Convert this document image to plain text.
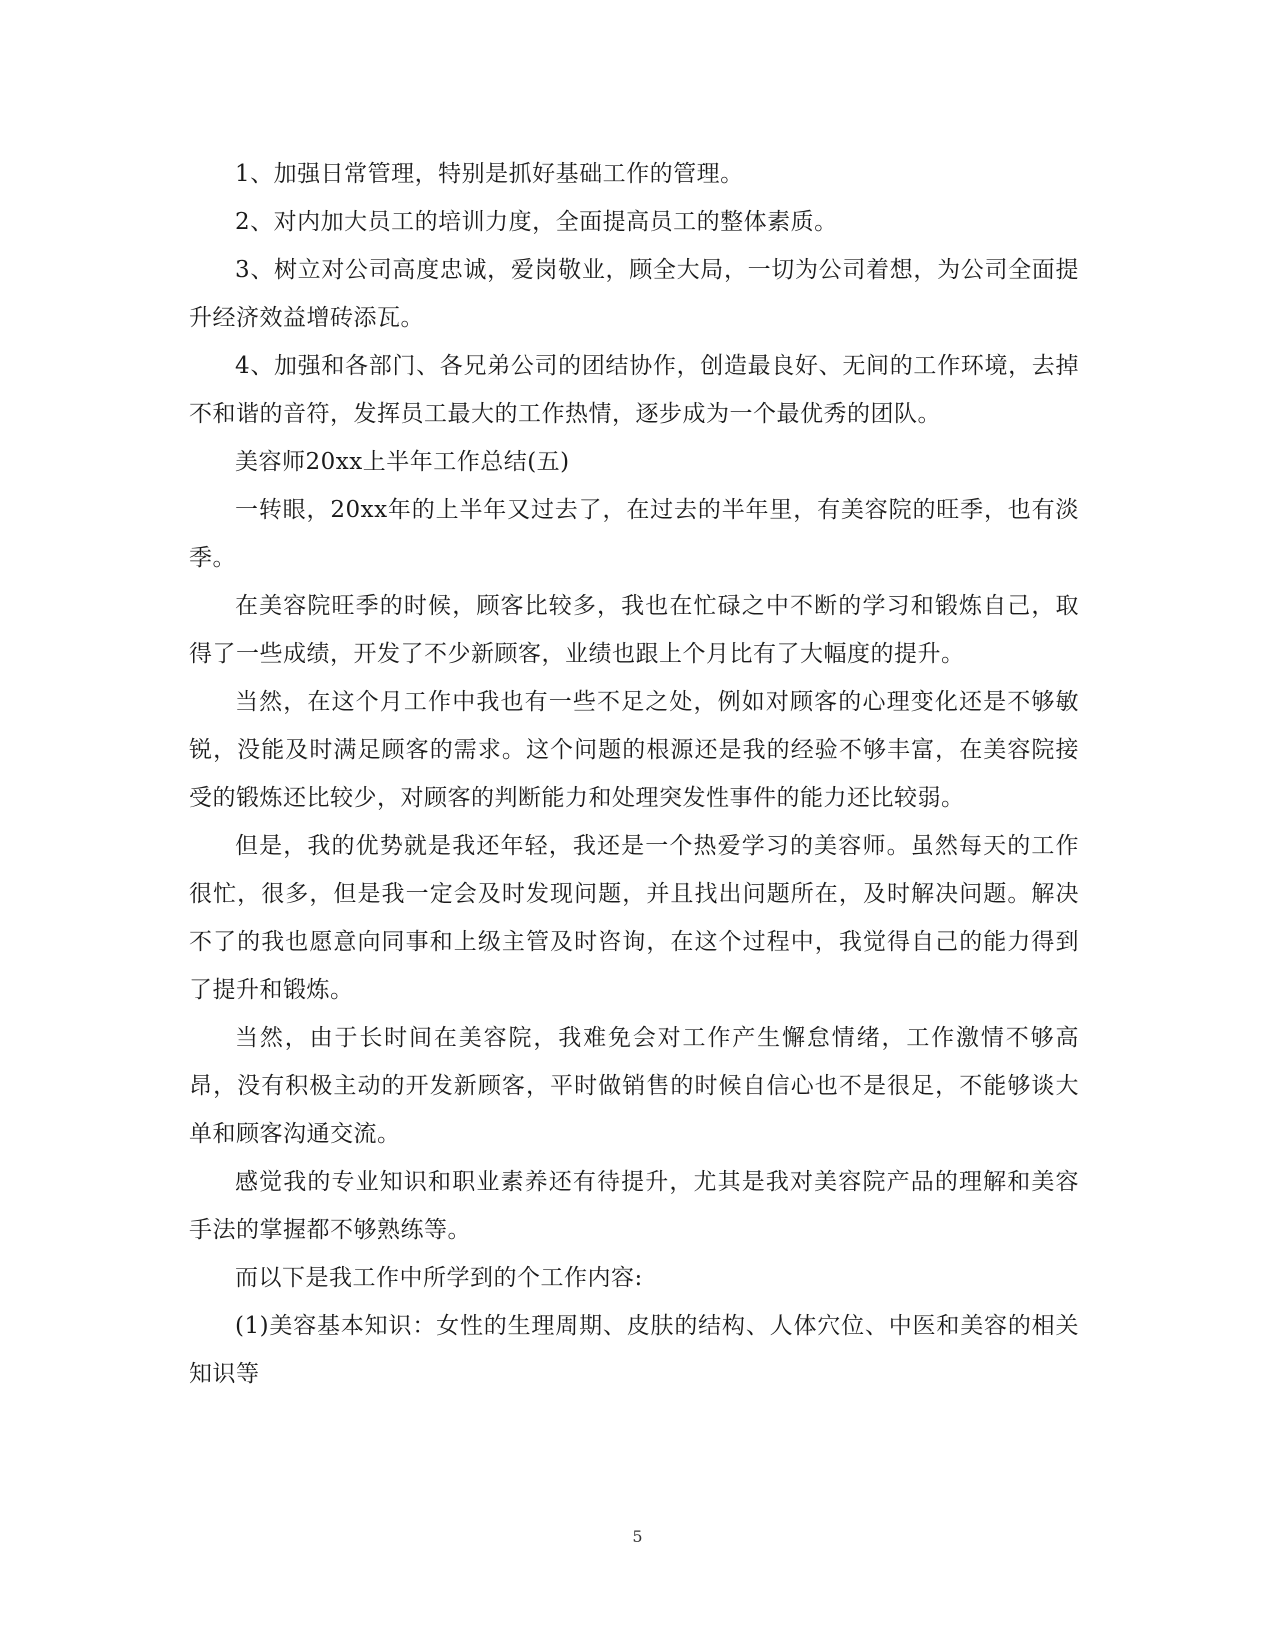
1、加强日常管理，特别是抓好基础工作的管理。

2、对内加大员工的培训力度，全面提高员工的整体素质。

3、树立对公司高度忠诚，爱岗敬业，顾全大局，一切为公司着想，为公司全面提升经济效益增砖添瓦。

4、加强和各部门、各兄弟公司的团结协作，创造最良好、无间的工作环境，去掉不和谐的音符，发挥员工最大的工作热情，逐步成为一个最优秀的团队。

美容师20xx上半年工作总结(五)

一转眼，20xx年的上半年又过去了，在过去的半年里，有美容院的旺季，也有淡季。

在美容院旺季的时候，顾客比较多，我也在忙碌之中不断的学习和锻炼自己，取得了一些成绩，开发了不少新顾客，业绩也跟上个月比有了大幅度的提升。

当然，在这个月工作中我也有一些不足之处，例如对顾客的心理变化还是不够敏锐，没能及时满足顾客的需求。这个问题的根源还是我的经验不够丰富，在美容院接受的锻炼还比较少，对顾客的判断能力和处理突发性事件的能力还比较弱。

但是，我的优势就是我还年轻，我还是一个热爱学习的美容师。虽然每天的工作很忙，很多，但是我一定会及时发现问题，并且找出问题所在，及时解决问题。解决不了的我也愿意向同事和上级主管及时咨询，在这个过程中，我觉得自己的能力得到了提升和锻炼。

当然，由于长时间在美容院，我难免会对工作产生懈怠情绪，工作激情不够高昂，没有积极主动的开发新顾客，平时做销售的时候自信心也不是很足，不能够谈大单和顾客沟通交流。

感觉我的专业知识和职业素养还有待提升，尤其是我对美容院产品的理解和美容手法的掌握都不够熟练等。

而以下是我工作中所学到的个工作内容:

(1)美容基本知识：女性的生理周期、皮肤的结构、人体穴位、中医和美容的相关知识等

5
